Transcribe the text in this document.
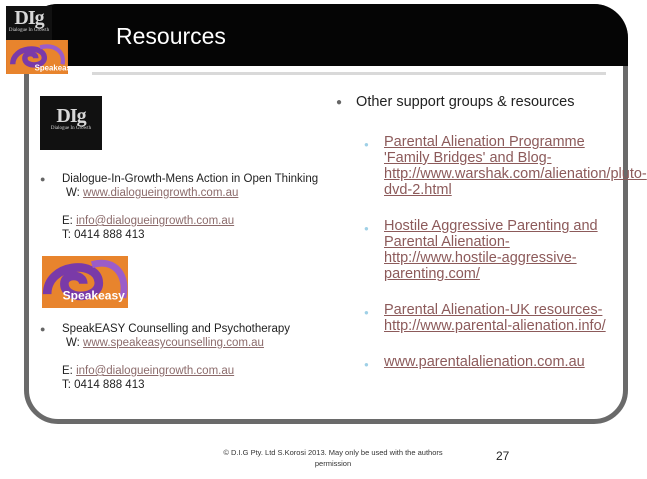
Resources
DIg
Dialogue In Growth
Speakeasy
DIg
Dialogue In Growth
Speakeasy
● Dialogue-In-Growth-Mens Action in Open Thinking
W: www.dialogueingrowth.com.au
E: info@dialogueingrowth.com.au
T: 0414 888 413
● SpeakEASY Counselling and Psychotherapy
W: www.speakeasycounselling.com.au
E: info@dialogueingrowth.com.au
T: 0414 888 413
● Other support groups & resources
● Parental Alienation Programme 'Family Bridges' and Blog-http://www.warshak.com/alienation/pluto-dvd-2.html
● Hostile Aggressive Parenting and Parental Alienation-http://www.hostile-aggressive-parenting.com/
● Parental Alienation-UK resources-http://www.parental-alienation.info/
● www.parentalalienation.com.au
© D.I.G Pty. Ltd S.Korosi 2013. May only be used with the authors permission
27
